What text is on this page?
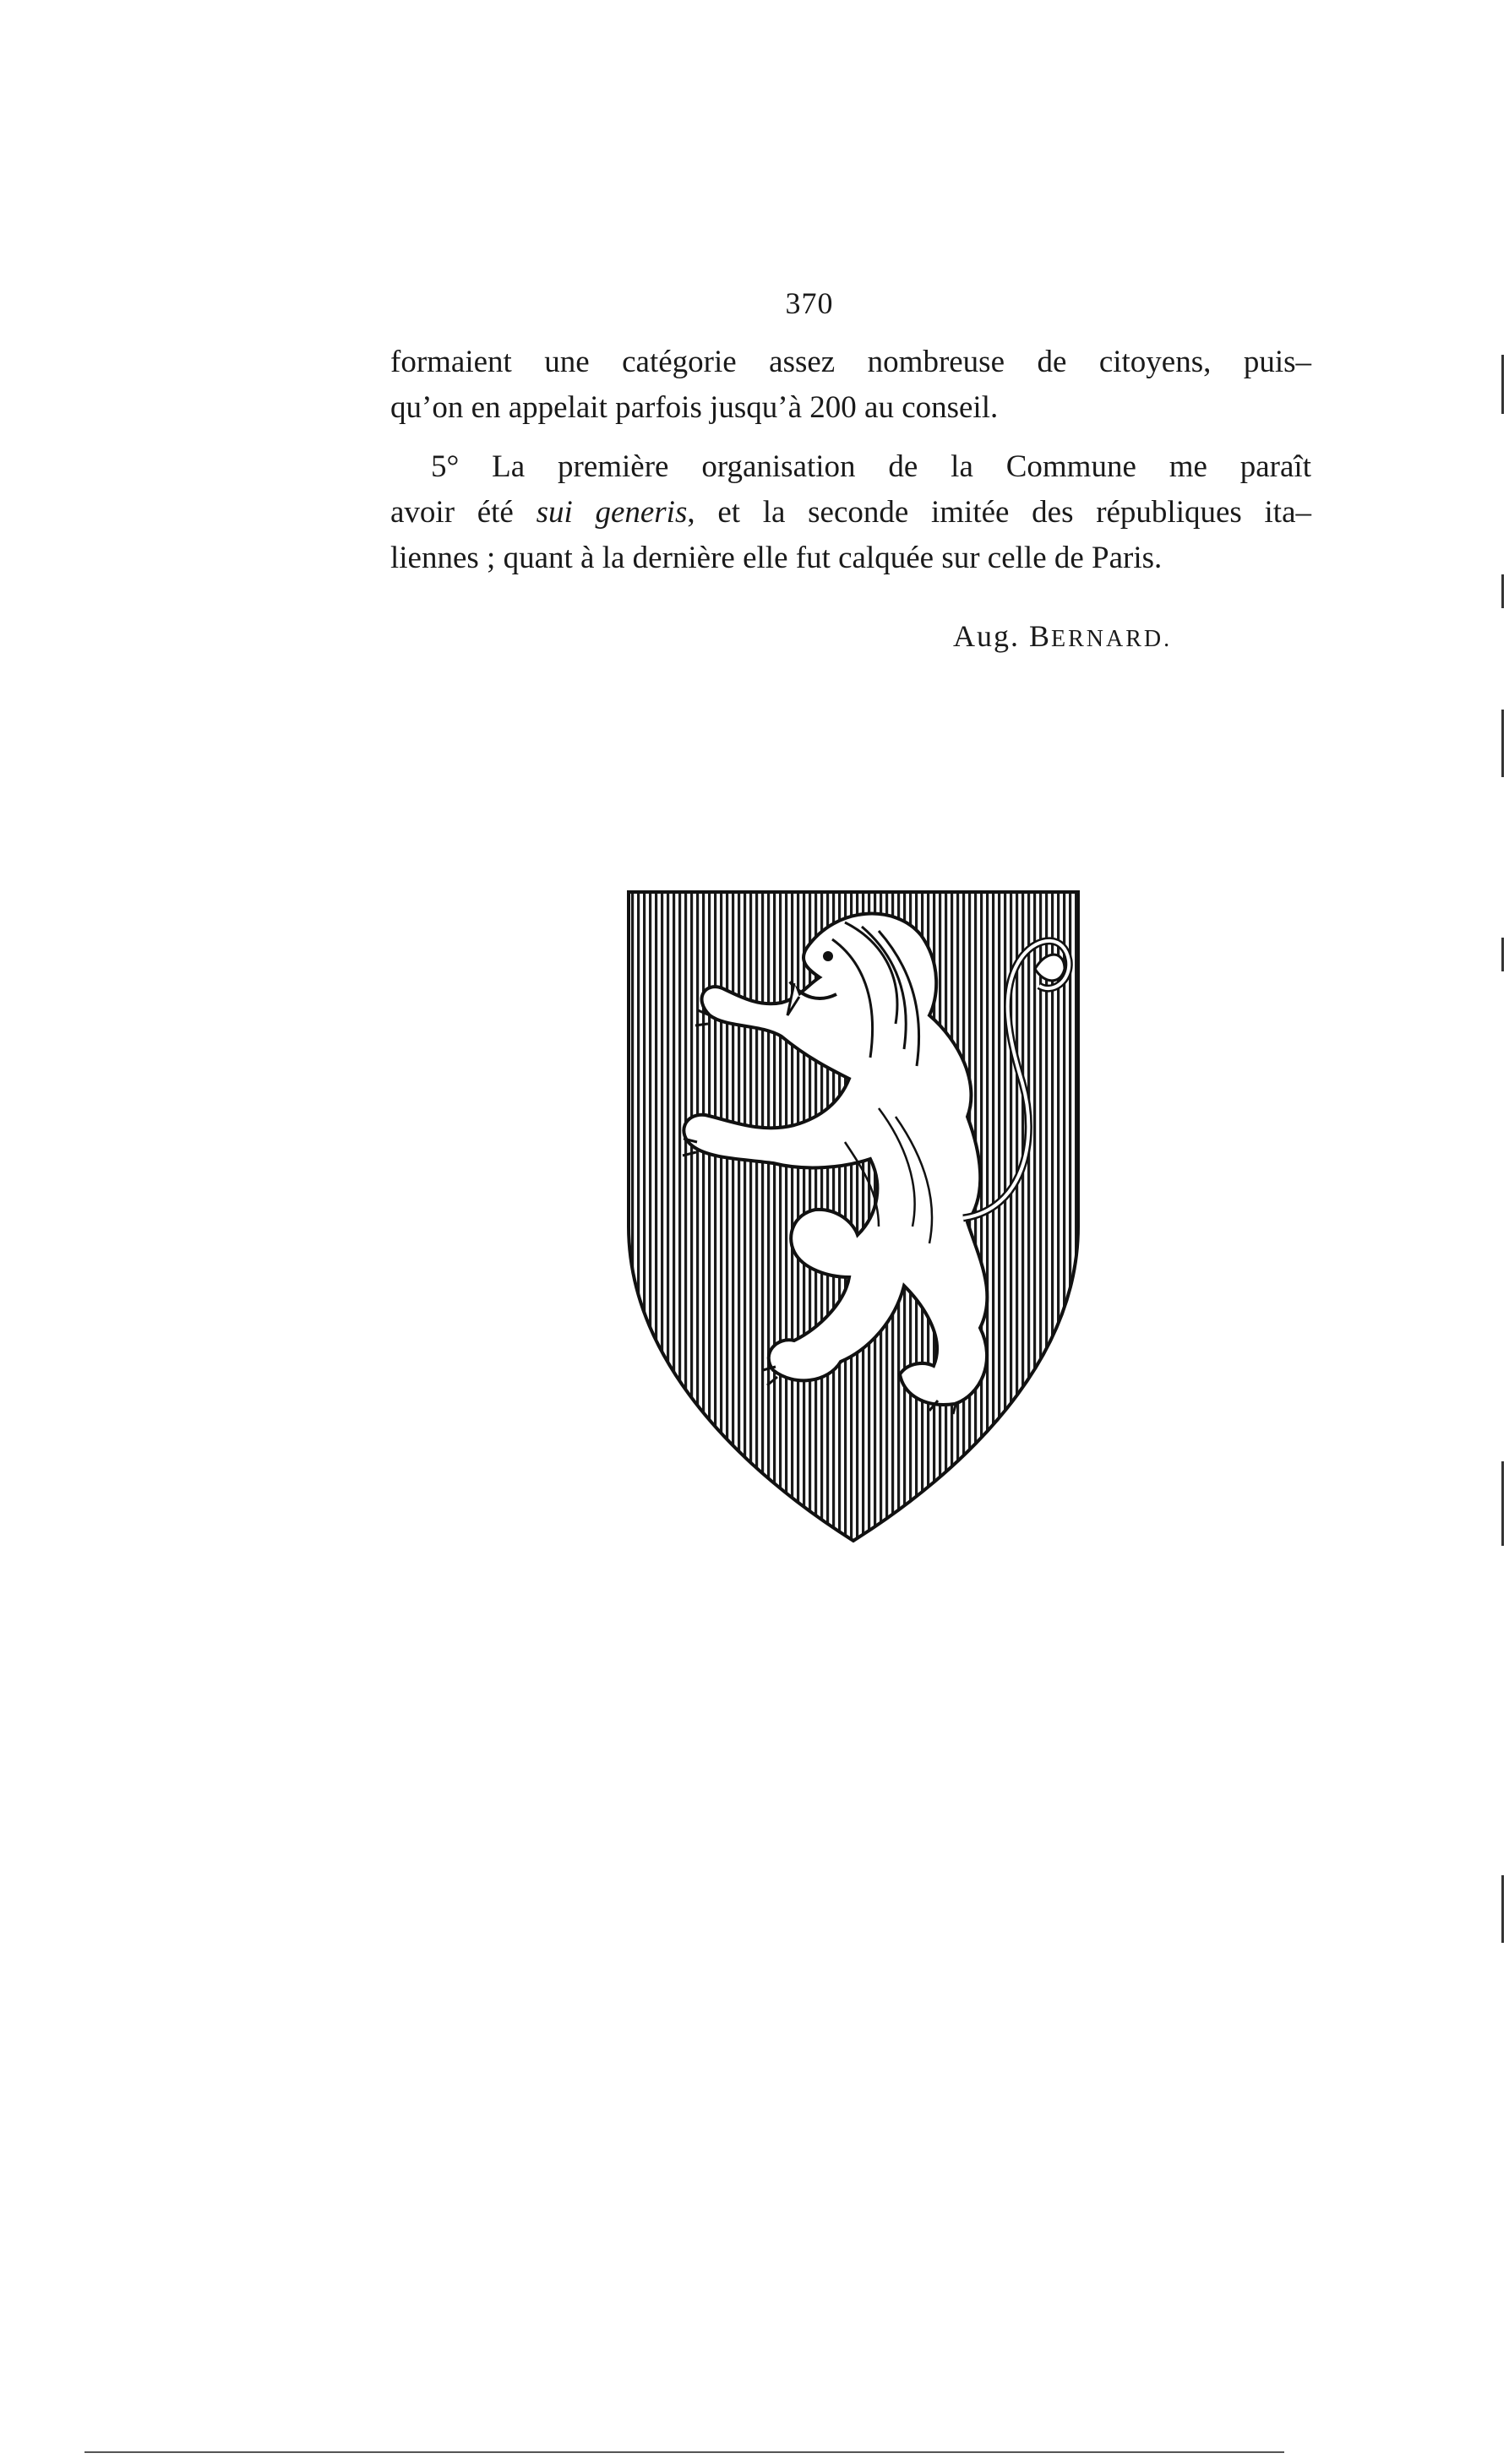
370
formaient une catégorie assez nombreuse de citoyens, puis–
qu’on en appelait parfois jusqu’à 200 au conseil.
5° La première organisation de la Commune me paraît
avoir été sui generis, et la seconde imitée des républiques ita–
liennes ; quant à la dernière elle fut calquée sur celle de Paris.
Aug. BERNARD.
